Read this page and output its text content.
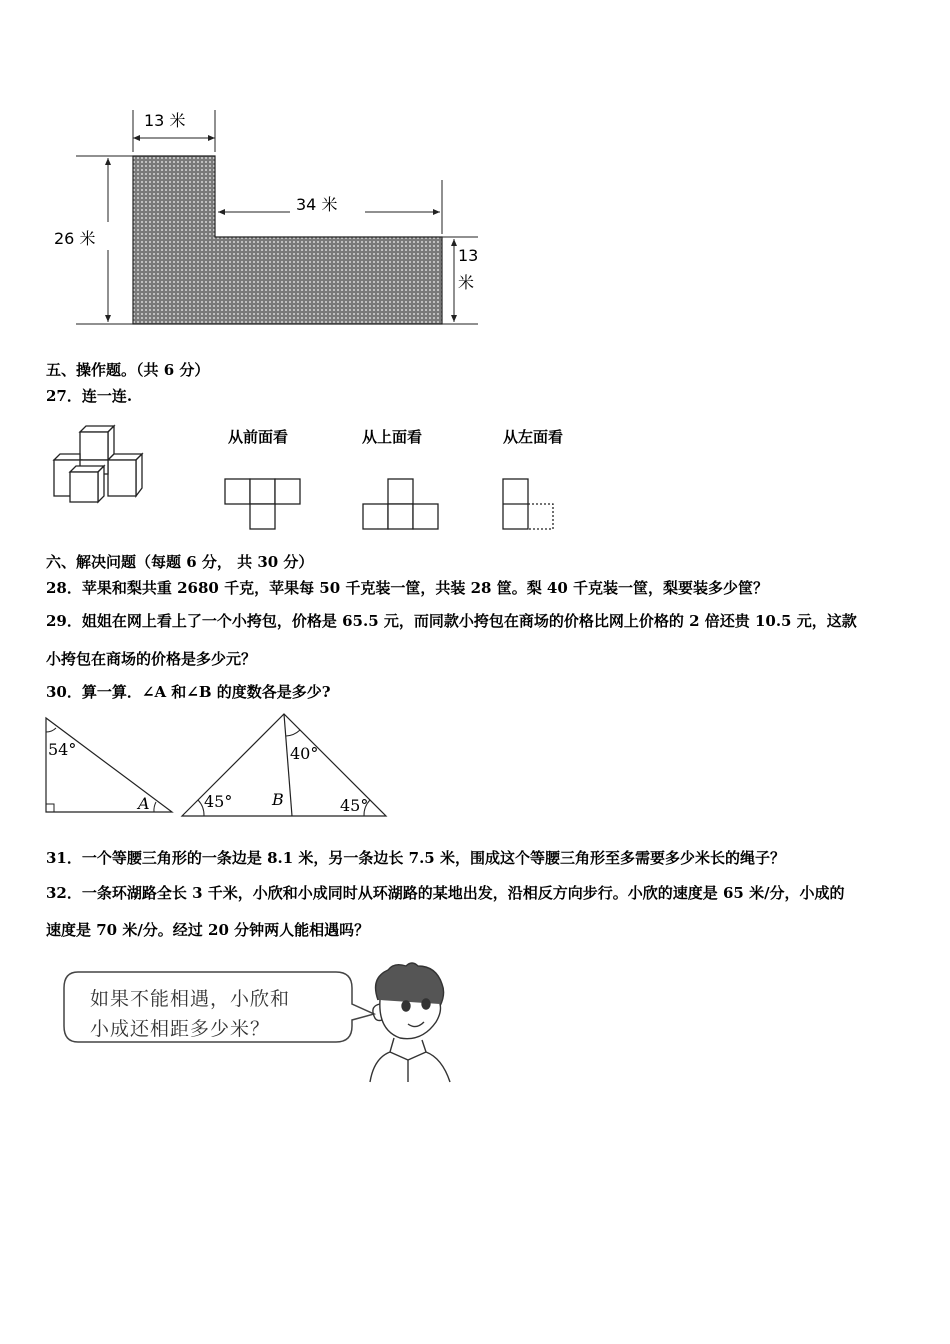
13 米
34 米
26 米
13
米
五、操作题。（共 6 分）
27．连一连.
从前面看	从上面看	从左面看
六、解决问题（每题 6 分， 共 30 分）
28．苹果和梨共重 2680 千克，苹果每 50 千克装一筐，共装 28 筐。梨 40 千克装一筐，梨要装多少筐？
29．姐姐在网上看上了一个小挎包，价格是 65.5 元，而同款小挎包在商场的价格比网上价格的 2 倍还贵 10.5 元，这款
小挎包在商场的价格是多少元？
30．算一算．∠A 和∠B 的度数各是多少?
54°
A
40°
45°	45°
B
31．一个等腰三角形的一条边是 8.1 米，另一条边长 7.5 米，围成这个等腰三角形至多需要多少米长的绳子？
32．一条环湖路全长 3 千米，小欣和小成同时从环湖路的某地出发，沿相反方向步行。小欣的速度是 65 米/分，小成的
速度是 70 米/分。经过 20 分钟两人能相遇吗？
如果不能相遇，小欣和
小成还相距多少米？
